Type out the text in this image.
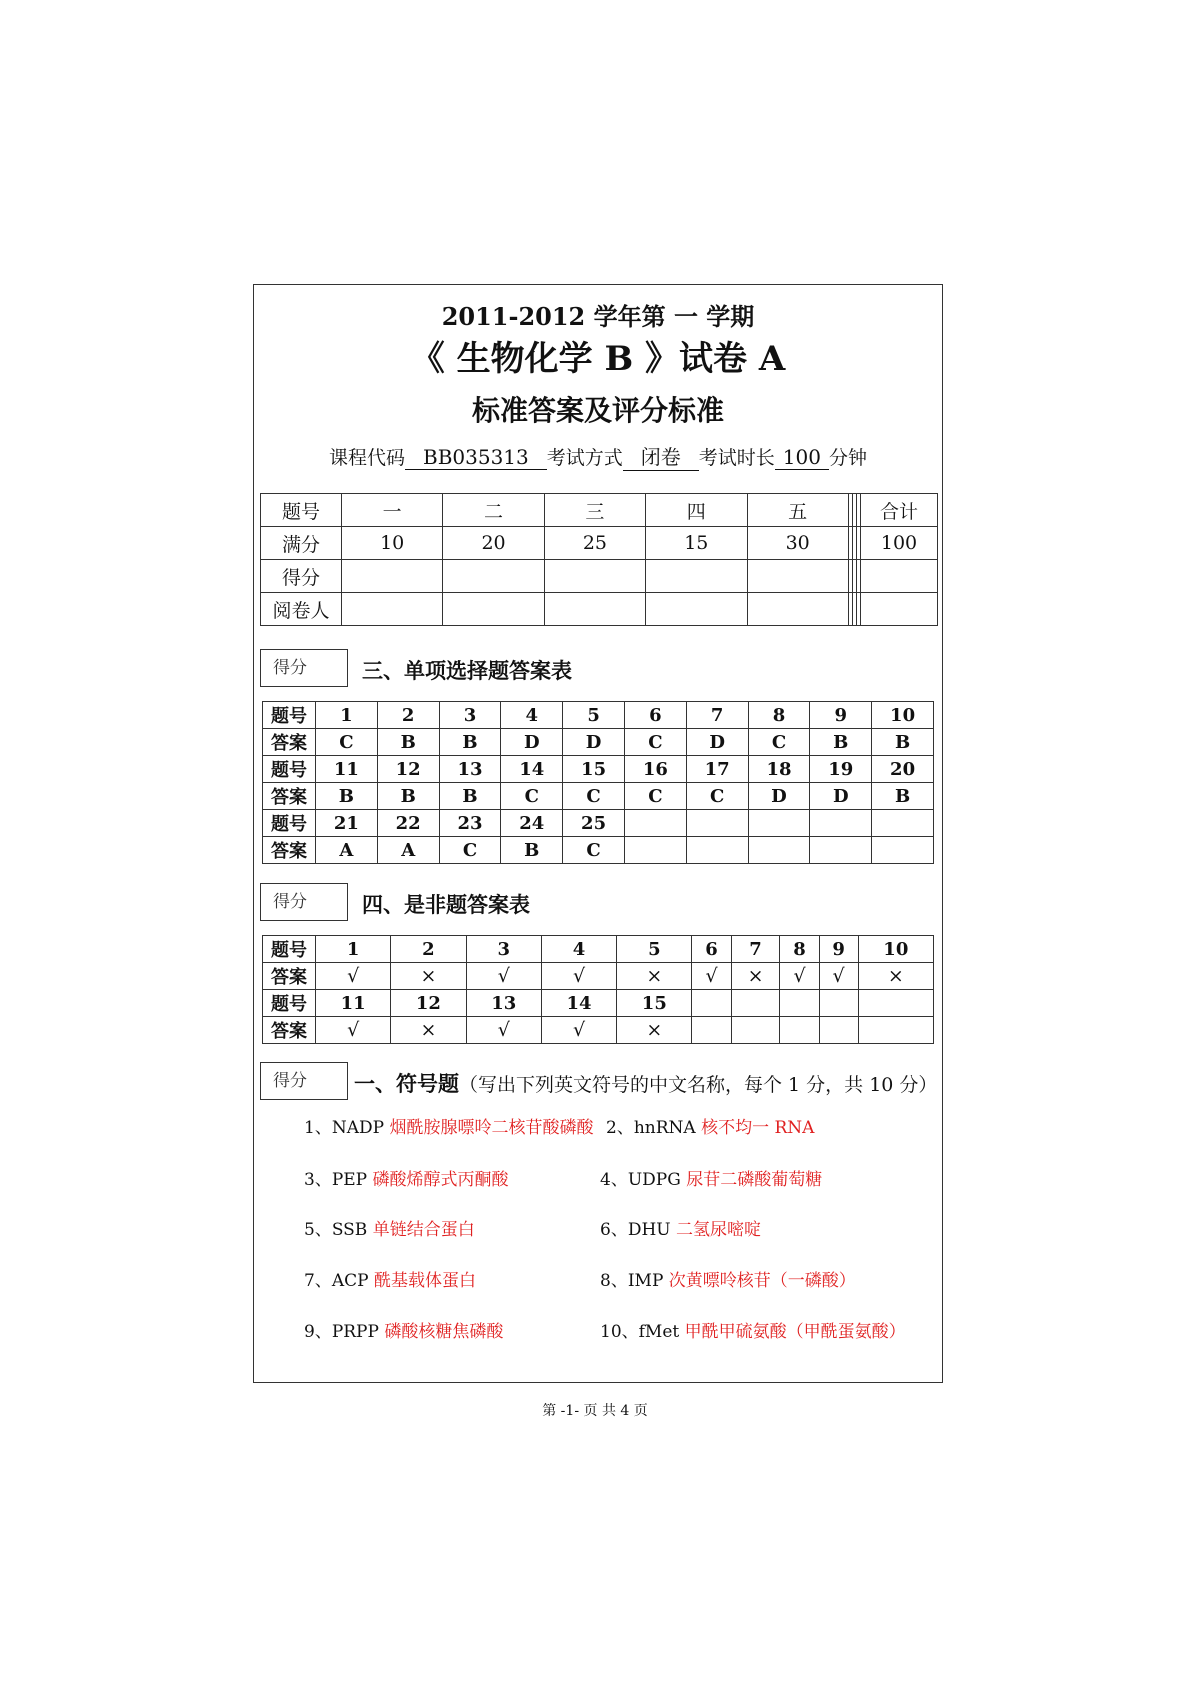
2011-2012 学年第 一 学期
《 生物化学 B 》试卷 A
标准答案及评分标准
课程代码 BB035313 考试方式 闭卷 考试时长 100 分钟
题号	一	二	三	四	五				合计
满分	10	20	25	15	30				100
得分									
阅卷人									
得分	三、单项选择题答案表
题号	1	2	3	4	5	6	7	8	9	10
答案	C	B	B	D	D	C	D	C	B	B
题号	11	12	13	14	15	16	17	18	19	20
答案	B	B	B	C	C	C	C	D	D	B
题号	21	22	23	24	25					
答案	A	A	C	B	C					
得分	四、是非题答案表
题号	1	2	3	4	5	6	7	8	9	10
答案	√	×	√	√	×	√	×	√	√	×
题号	11	12	13	14	15					
答案	√	×	√	√	×					
得分	一、符号题（写出下列英文符号的中文名称，每个 1 分，共 10 分）
1、NADP 烟酰胺腺嘌呤二核苷酸磷酸 2、hnRNA 核不均一 RNA
3、PEP 磷酸烯醇式丙酮酸	4、UDPG 尿苷二磷酸葡萄糖
5、SSB 单链结合蛋白	6、DHU 二氢尿嘧啶
7、ACP 酰基载体蛋白	8、IMP 次黄嘌呤核苷（一磷酸）
9、PRPP 磷酸核糖焦磷酸	10、fMet 甲酰甲硫氨酸（甲酰蛋氨酸）
第 -1- 页 共 4 页
